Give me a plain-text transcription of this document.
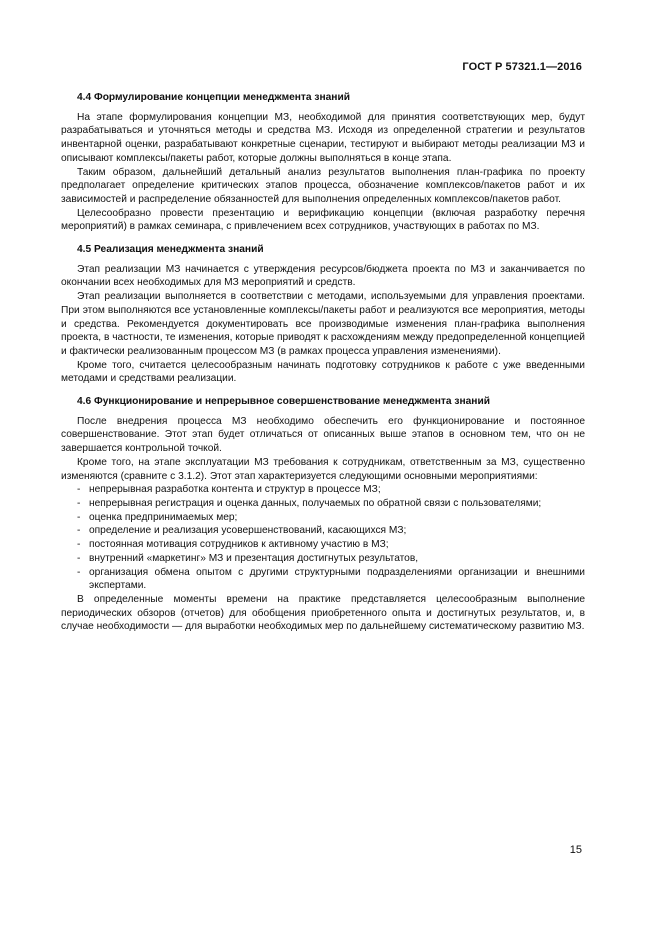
ГОСТ Р 57321.1—2016
4.4 Формулирование концепции менеджмента знаний

На этапе формулирования концепции МЗ, необходимой для принятия соответствующих мер, будут разрабатываться и уточняться методы и средства МЗ. Исходя из определенной стратегии и результатов инвентарной оценки, разрабатывают конкретные сценарии, тестируют и выбирают методы реализации МЗ и описывают комплексы/пакеты работ, которые должны выполняться в конце этапа.

Таким образом, дальнейший детальный анализ результатов выполнения план-графика по проекту предполагает определение критических этапов процесса, обозначение комплексов/пакетов работ и их зависимостей и распределение обязанностей для выполнения определенных комплексов/пакетов работ.

Целесообразно провести презентацию и верификацию концепции (включая разработку перечня мероприятий) в рамках семинара, с привлечением всех сотрудников, участвующих в работах по МЗ.

4.5 Реализация менеджмента знаний

Этап реализации МЗ начинается с утверждения ресурсов/бюджета проекта по МЗ и заканчивается по окончании всех необходимых для МЗ мероприятий и средств.

Этап реализации выполняется в соответствии с методами, используемыми для управления проектами. При этом выполняются все установленные комплексы/пакеты работ и реализуются все мероприятия, методы и средства. Рекомендуется документировать все производимые изменения план-графика выполнения проекта, в частности, те изменения, которые приводят к расхождениям между предопределенной концепцией и фактически реализованным процессом МЗ (в рамках процесса управления изменениями).

Кроме того, считается целесообразным начинать подготовку сотрудников к работе с уже введенными методами и средствами реализации.

4.6 Функционирование и непрерывное совершенствование менеджмента знаний

После внедрения процесса МЗ необходимо обеспечить его функционирование и постоянное совершенствование. Этот этап будет отличаться от описанных выше этапов в основном тем, что он не завершается контрольной точкой.

Кроме того, на этапе эксплуатации МЗ требования к сотрудникам, ответственным за МЗ, существенно изменяются (сравните с 3.1.2). Этот этап характеризуется следующими основными мероприятиями:

- непрерывная разработка контента и структур в процессе МЗ;
- непрерывная регистрация и оценка данных, получаемых по обратной связи с пользователями;
- оценка предпринимаемых мер;
- определение и реализация усовершенствований, касающихся МЗ;
- постоянная мотивация сотрудников к активному участию в МЗ;
- внутренний «маркетинг» МЗ и презентация достигнутых результатов,
- организация обмена опытом с другими структурными подразделениями организации и внешними экспертами.

В определенные моменты времени на практике представляется целесообразным выполнение периодических обзоров (отчетов) для обобщения приобретенного опыта и достигнутых результатов, и, в случае необходимости — для выработки необходимых мер по дальнейшему систематическому развитию МЗ.

15
